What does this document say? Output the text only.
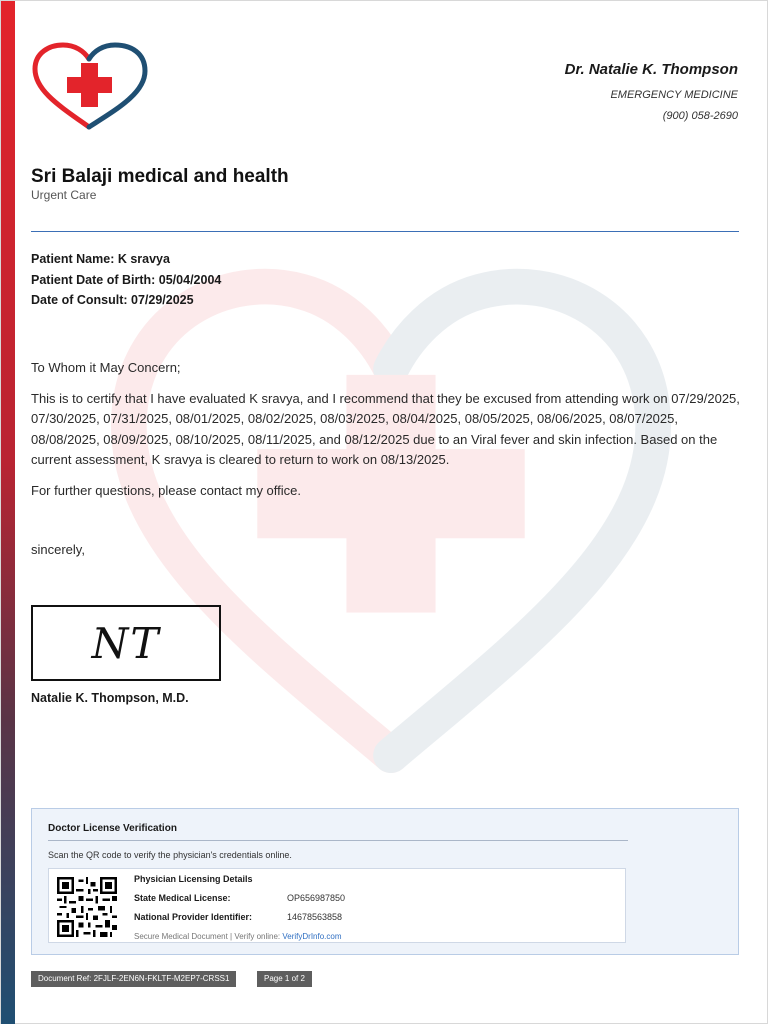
Dr. Natalie K. Thompson
EMERGENCY MEDICINE
(900) 058-2690
Sri Balaji medical and health
Urgent Care
Patient Name: K sravya
Patient Date of Birth: 05/04/2004
Date of Consult: 07/29/2025
To Whom it May Concern;
This is to certify that I have evaluated K sravya, and I recommend that they be excused from attending work on 07/29/2025, 07/30/2025, 07/31/2025, 08/01/2025, 08/02/2025, 08/03/2025, 08/04/2025, 08/05/2025, 08/06/2025, 08/07/2025, 08/08/2025, 08/09/2025, 08/10/2025, 08/11/2025, and 08/12/2025 due to an Viral fever and skin infection. Based on the current assessment, K sravya is cleared to return to work on 08/13/2025.
For further questions, please contact my office.
sincerely,
NT
Natalie K. Thompson, M.D.
Doctor License Verification
Scan the QR code to verify the physician's credentials online.
Physician Licensing Details
State Medical License:	OP656987850
National Provider Identifier:	14678563858
Secure Medical Document | Verify online: VerifyDrInfo.com
Document Ref: 2FJLF-2EN6N-FKLTF-M2EP7-CRSS1	Page 1 of 2
